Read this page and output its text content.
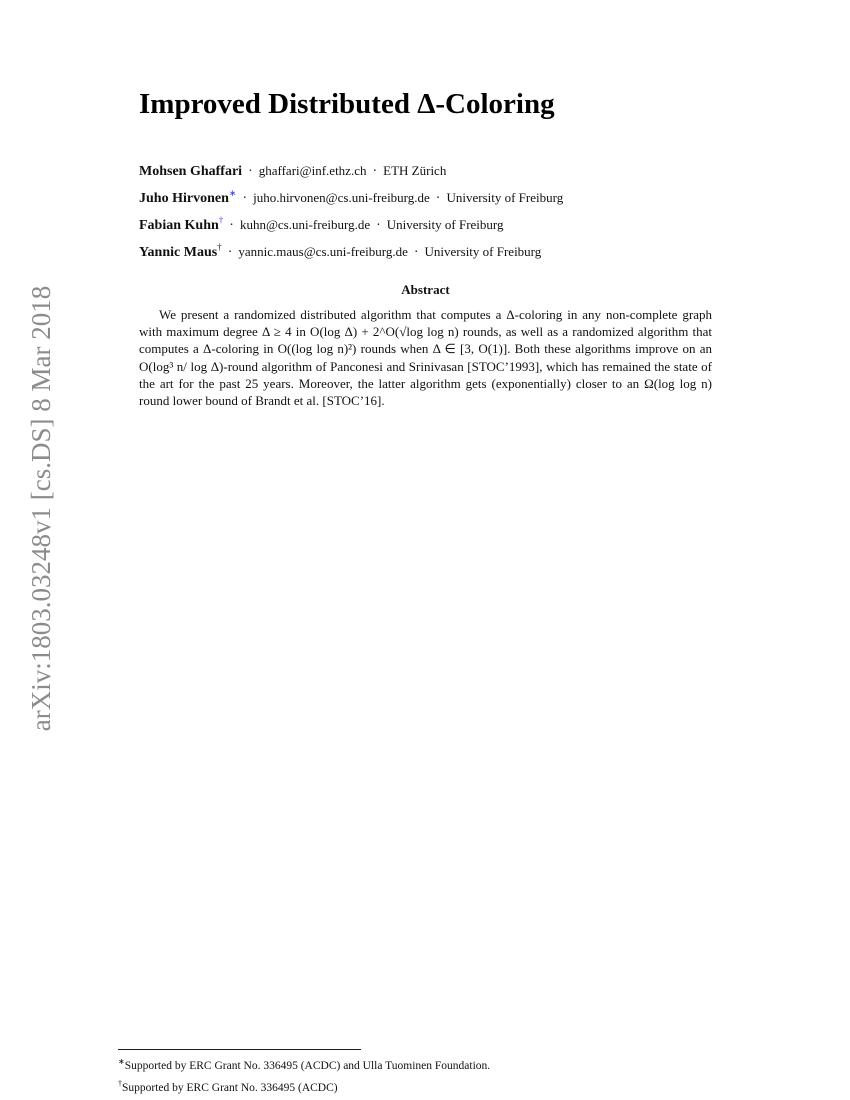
arXiv:1803.03248v1 [cs.DS] 8 Mar 2018
Improved Distributed Δ-Coloring
Mohsen Ghaffari · ghaffari@inf.ethz.ch · ETH Zürich
Juho Hirvonen∗ · juho.hirvonen@cs.uni-freiburg.de · University of Freiburg
Fabian Kuhn† · kuhn@cs.uni-freiburg.de · University of Freiburg
Yannic Maus† · yannic.maus@cs.uni-freiburg.de · University of Freiburg
Abstract

We present a randomized distributed algorithm that computes a Δ-coloring in any non-complete graph with maximum degree Δ ≥ 4 in O(log Δ) + 2^O(√log log n) rounds, as well as a randomized algorithm that computes a Δ-coloring in O((log log n)²) rounds when Δ ∈ [3, O(1)]. Both these algorithms improve on an O(log³ n/ log Δ)-round algorithm of Panconesi and Srinivasan [STOC’1993], which has remained the state of the art for the past 25 years. Moreover, the latter algorithm gets (exponentially) closer to an Ω(log log n) round lower bound of Brandt et al. [STOC’16].

∗Supported by ERC Grant No. 336495 (ACDC) and Ulla Tuominen Foundation.
†Supported by ERC Grant No. 336495 (ACDC)
